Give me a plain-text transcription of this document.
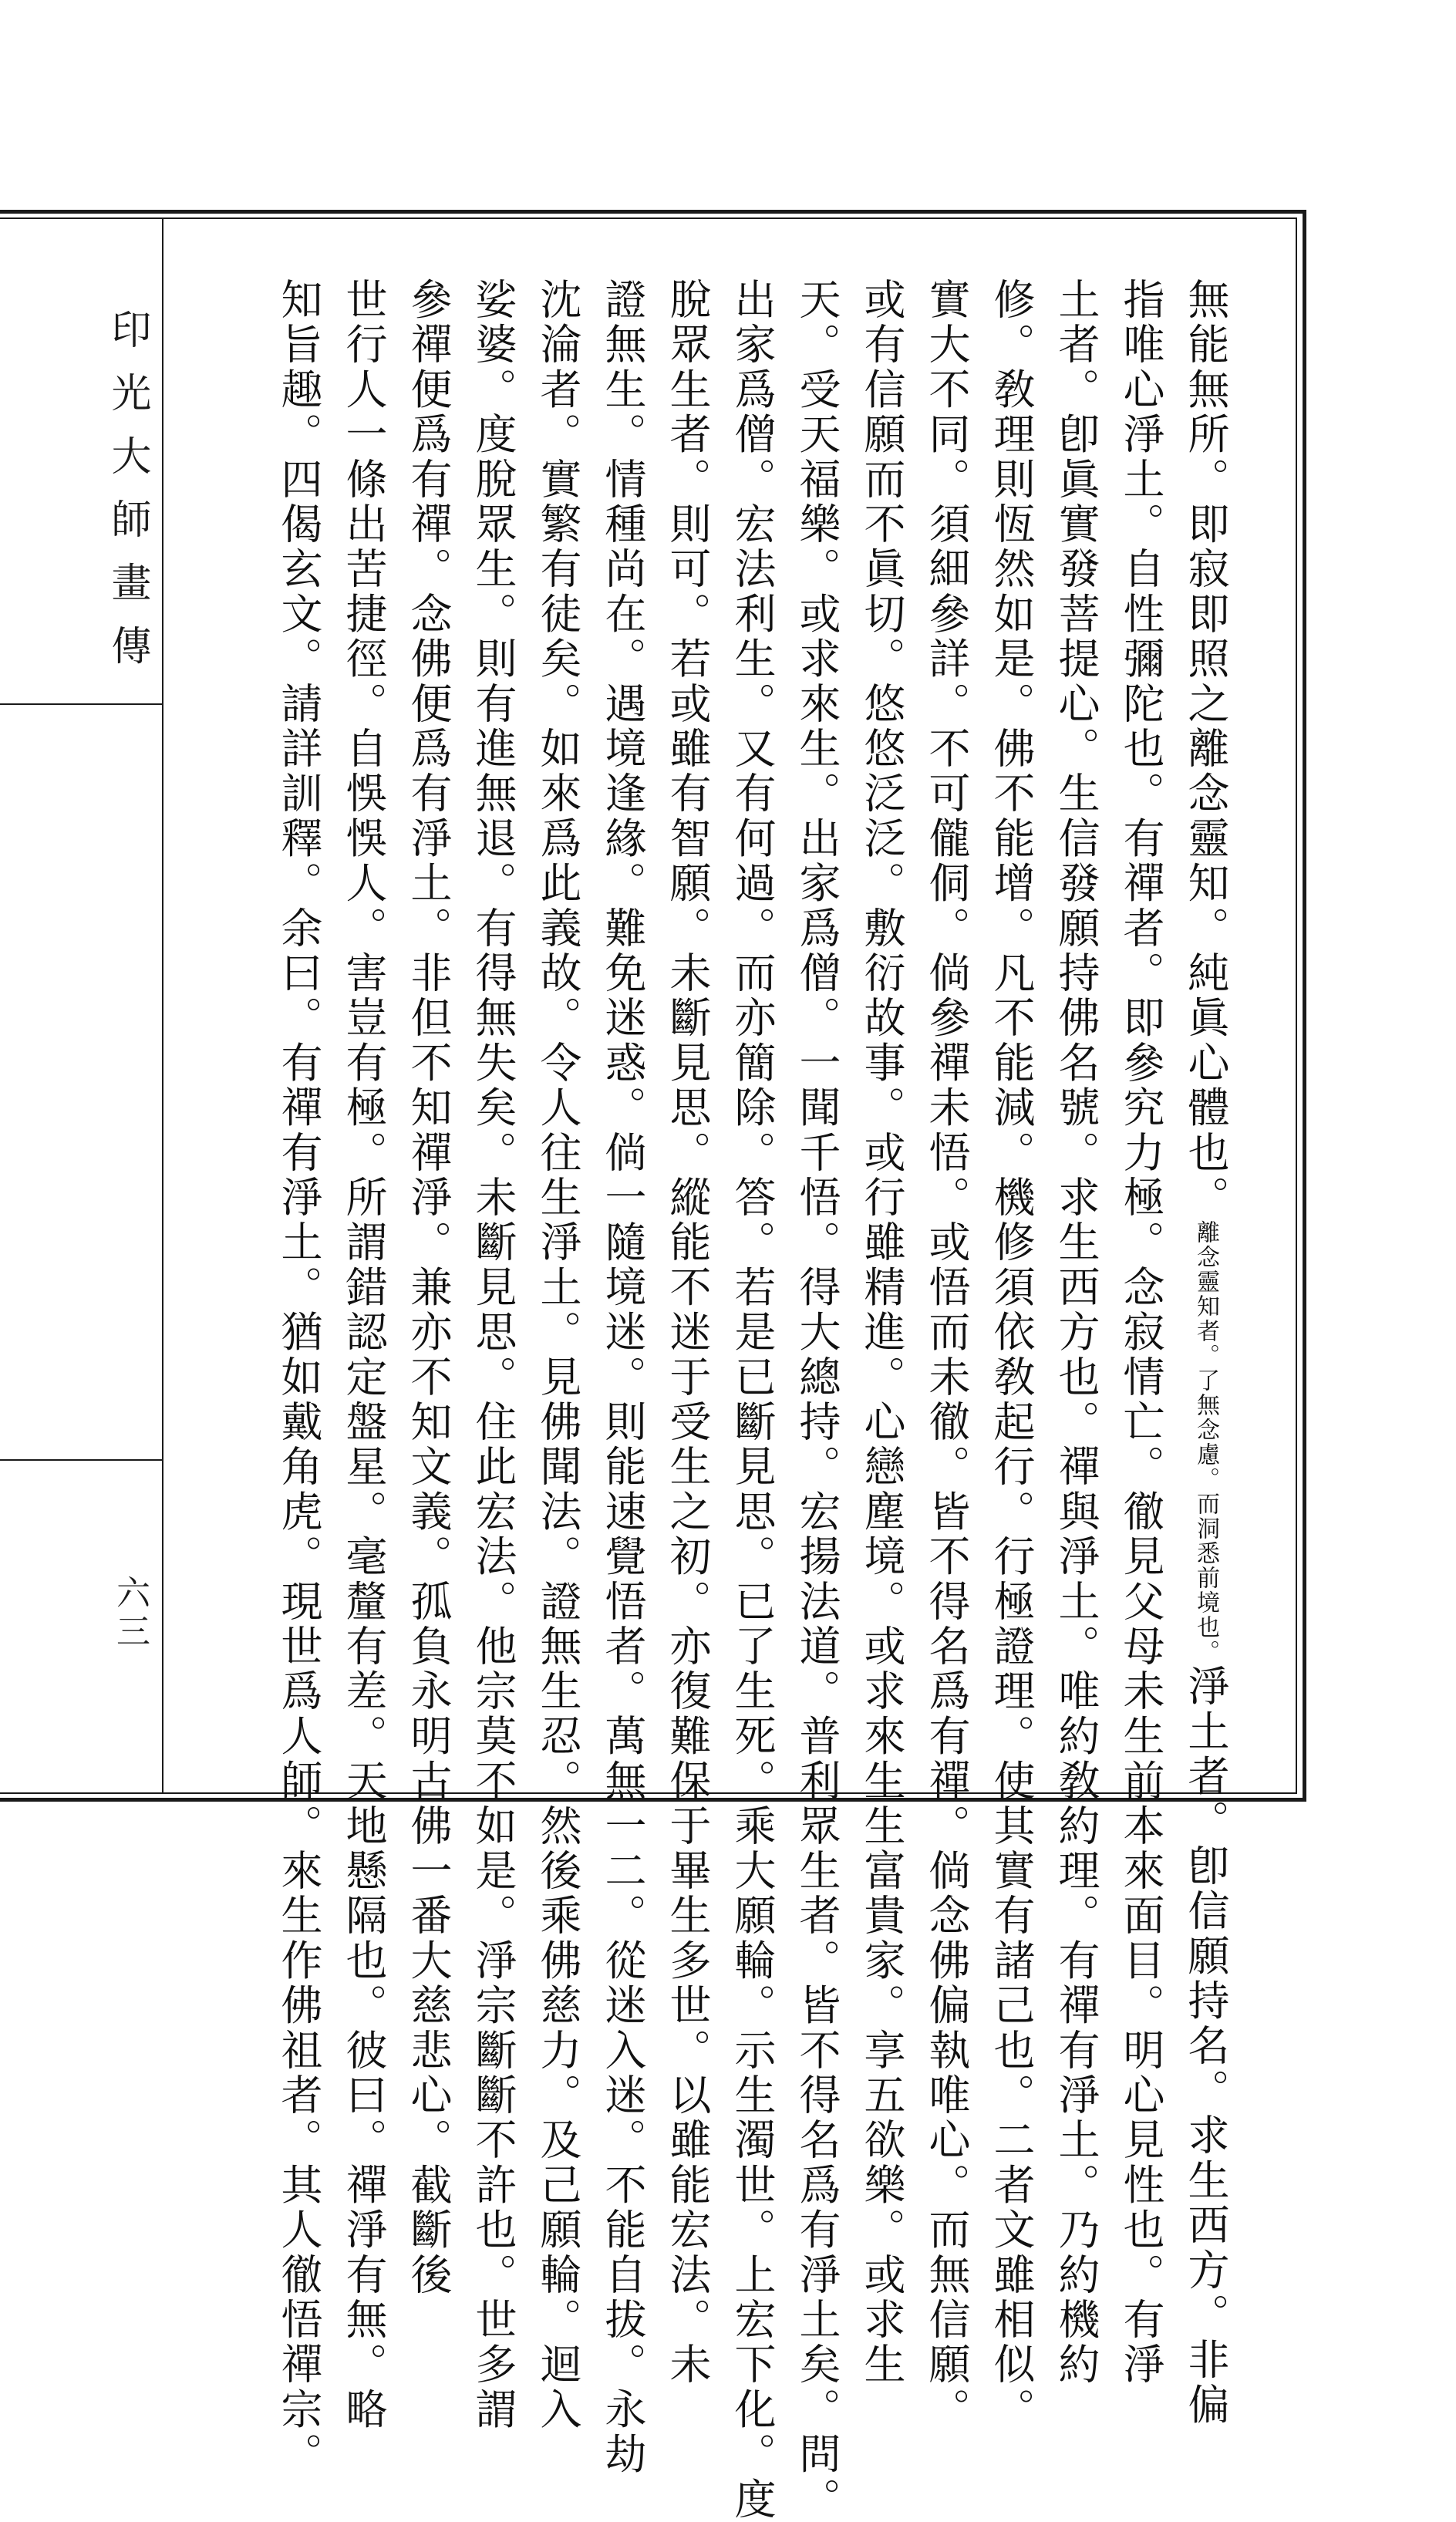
印光大師畫傳
六三
無能無所。即寂即照之離念靈知。純眞心體也。離念靈知者。了無念慮。而洞悉前境也。淨土者。卽信願持名。求生西方。非偏
指唯心淨土。自性彌陀也。有禪者。即參究力極。念寂情亡。徹見父母未生前本來面目。明心見性也。有淨
土者。卽眞實發菩提心。生信發願持佛名號。求生西方也。禪與淨土。唯約敎約理。有禪有淨土。乃約機約
修。敎理則恆然如是。佛不能增。凡不能減。機修須依敎起行。行極證理。使其實有諸己也。二者文雖相似。
實大不同。須細參詳。不可儱侗。倘參禪未悟。或悟而未徹。皆不得名爲有禪。倘念佛偏執唯心。而無信願。
或有信願而不眞切。悠悠泛泛。敷衍故事。或行雖精進。心戀塵境。或求來生生富貴家。享五欲樂。或求生
天。受天福樂。或求來生。出家爲僧。一聞千悟。得大總持。宏揚法道。普利眾生者。皆不得名爲有淨土矣。問。
出家爲僧。宏法利生。又有何過。而亦簡除。答。若是已斷見思。已了生死。乘大願輪。示生濁世。上宏下化。度
脫眾生者。則可。若或雖有智願。未斷見思。縱能不迷于受生之初。亦復難保于畢生多世。以雖能宏法。未
證無生。情種尚在。遇境逢緣。難免迷惑。倘一隨境迷。則能速覺悟者。萬無一二。從迷入迷。不能自拔。永劫
沈淪者。實繁有徒矣。如來爲此義故。令人往生淨土。見佛聞法。證無生忍。然後乘佛慈力。及己願輪。迴入
娑婆。度脫眾生。則有進無退。有得無失矣。未斷見思。住此宏法。他宗莫不如是。淨宗斷斷不許也。世多謂
參禪便爲有禪。念佛便爲有淨土。非但不知禪淨。兼亦不知文義。孤負永明古佛一番大慈悲心。截斷後
世行人一條出苦捷徑。自悞悞人。害豈有極。所謂錯認定盤星。毫釐有差。天地懸隔也。彼曰。禪淨有無。略
知旨趣。四偈玄文。請詳訓釋。余曰。有禪有淨土。猶如戴角虎。現世爲人師。來生作佛祖者。其人徹悟禪宗。
